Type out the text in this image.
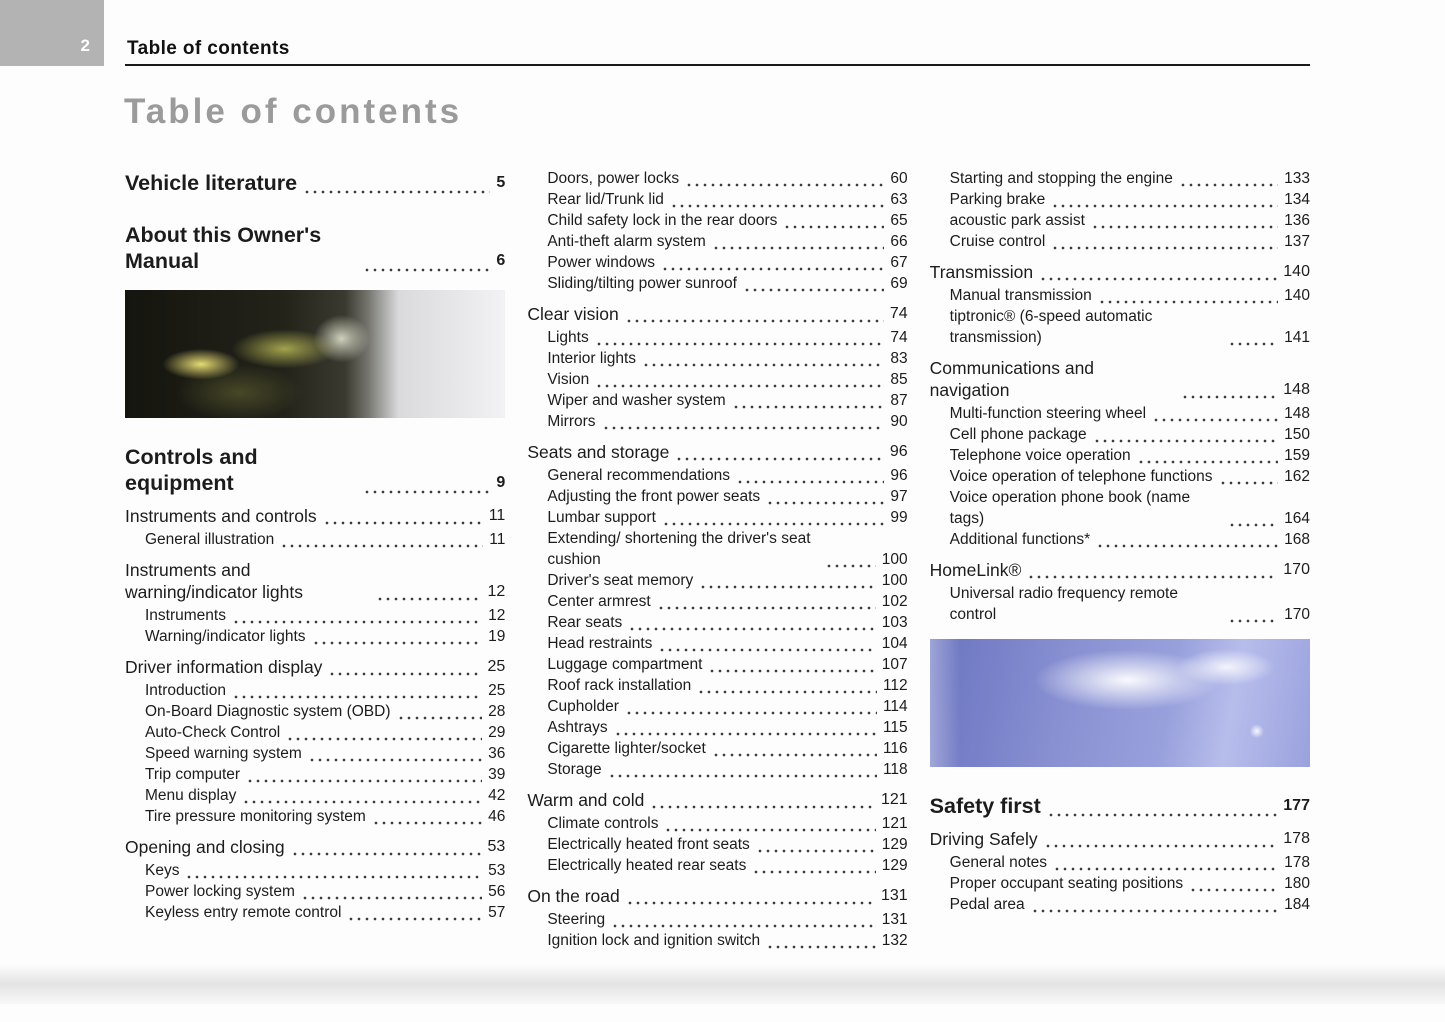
2 Table of contents
Table of contents
Vehicle literature	5
About this Owner's Manual	6
Controls and equipment	9
Instruments and controls	11
General illustration	11
Instruments and warning/indicator lights	12
Instruments	12
Warning/indicator lights	19
Driver information display	25
Introduction	25
On-Board Diagnostic system (OBD)	28
Auto-Check Control	29
Speed warning system	36
Trip computer	39
Menu display	42
Tire pressure monitoring system	46
Opening and closing	53
Keys	53
Power locking system	56
Keyless entry remote control	57
Doors, power locks	60
Rear lid/Trunk lid	63
Child safety lock in the rear doors	65
Anti-theft alarm system	66
Power windows	67
Sliding/tilting power sunroof	69
Clear vision	74
Lights	74
Interior lights	83
Vision	85
Wiper and washer system	87
Mirrors	90
Seats and storage	96
General recommendations	96
Adjusting the front power seats	97
Lumbar support	99
Extending/ shortening the driver's seat cushion	100
Driver's seat memory	100
Center armrest	102
Rear seats	103
Head restraints	104
Luggage compartment	107
Roof rack installation	112
Cupholder	114
Ashtrays	115
Cigarette lighter/socket	116
Storage	118
Warm and cold	121
Climate controls	121
Electrically heated front seats	129
Electrically heated rear seats	129
On the road	131
Steering	131
Ignition lock and ignition switch	132
Starting and stopping the engine	133
Parking brake	134
acoustic park assist	136
Cruise control	137
Transmission	140
Manual transmission	140
tiptronic® (6-speed automatic transmission)	141
Communications and navigation	148
Multi-function steering wheel	148
Cell phone package	150
Telephone voice operation	159
Voice operation of telephone functions	162
Voice operation phone book (name tags)	164
Additional functions*	168
HomeLink®	170
Universal radio frequency remote control	170
Safety first	177
Driving Safely	178
General notes	178
Proper occupant seating positions	180
Pedal area	184
